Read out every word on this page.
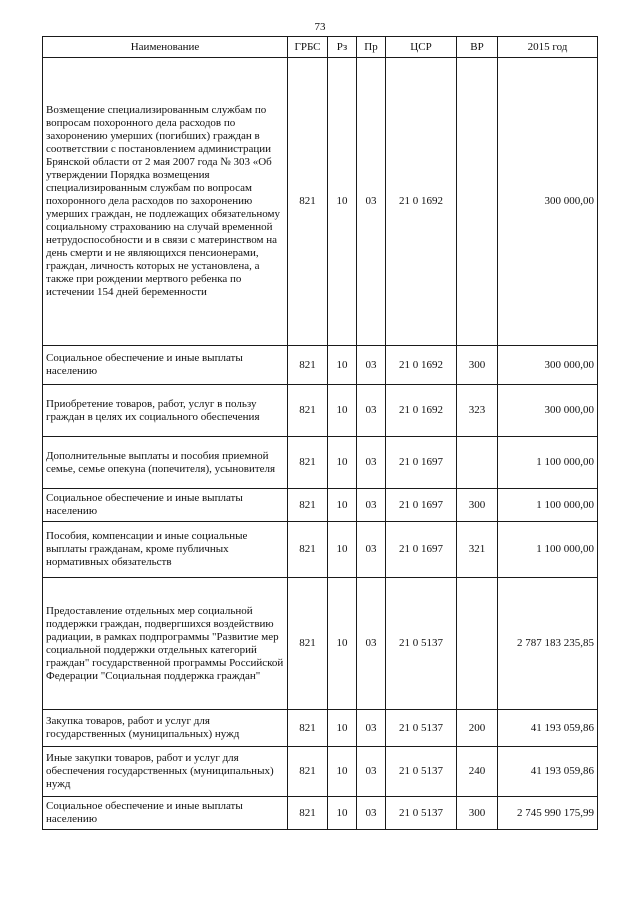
73
Наименование	ГРБС	Рз	Пр	ЦСР	ВР	2015 год
Возмещение специализированным службам по вопросам похоронного дела расходов по захоронению умерших (погибших) граждан в соответствии с постановлением администрации Брянской области от 2 мая 2007 года № 303 «Об утверждении Порядка возмещения специализированным службам по вопросам похоронного дела расходов по захоронению умерших граждан, не подлежащих обязательному социальному страхованию на случай временной нетрудоспособности и в связи с материнством на день смерти и не являющихся пенсионерами, граждан, личность которых не установлена, а также при рождении мертвого ребенка по истечении 154 дней беременности	821	10	03	21 0 1692		300 000,00
Социальное обеспечение и иные выплаты населению	821	10	03	21 0 1692	300	300 000,00
Приобретение товаров, работ, услуг в пользу граждан в целях их социального обеспечения	821	10	03	21 0 1692	323	300 000,00
Дополнительные выплаты и пособия приемной семье, семье опекуна (попечителя), усыновителя	821	10	03	21 0 1697		1 100 000,00
Социальное обеспечение и иные выплаты населению	821	10	03	21 0 1697	300	1 100 000,00
Пособия, компенсации и иные социальные выплаты гражданам, кроме публичных нормативных обязательств	821	10	03	21 0 1697	321	1 100 000,00
Предоставление отдельных мер социальной поддержки граждан, подвергшихся воздействию радиации, в рамках подпрограммы "Развитие мер социальной поддержки отдельных категорий граждан" государственной программы Российской Федерации "Социальная поддержка граждан"	821	10	03	21 0 5137		2 787 183 235,85
Закупка товаров, работ и услуг для государственных (муниципальных) нужд	821	10	03	21 0 5137	200	41 193 059,86
Иные закупки товаров, работ и услуг для обеспечения государственных (муниципальных) нужд	821	10	03	21 0 5137	240	41 193 059,86
Социальное обеспечение и иные выплаты населению	821	10	03	21 0 5137	300	2 745 990 175,99
